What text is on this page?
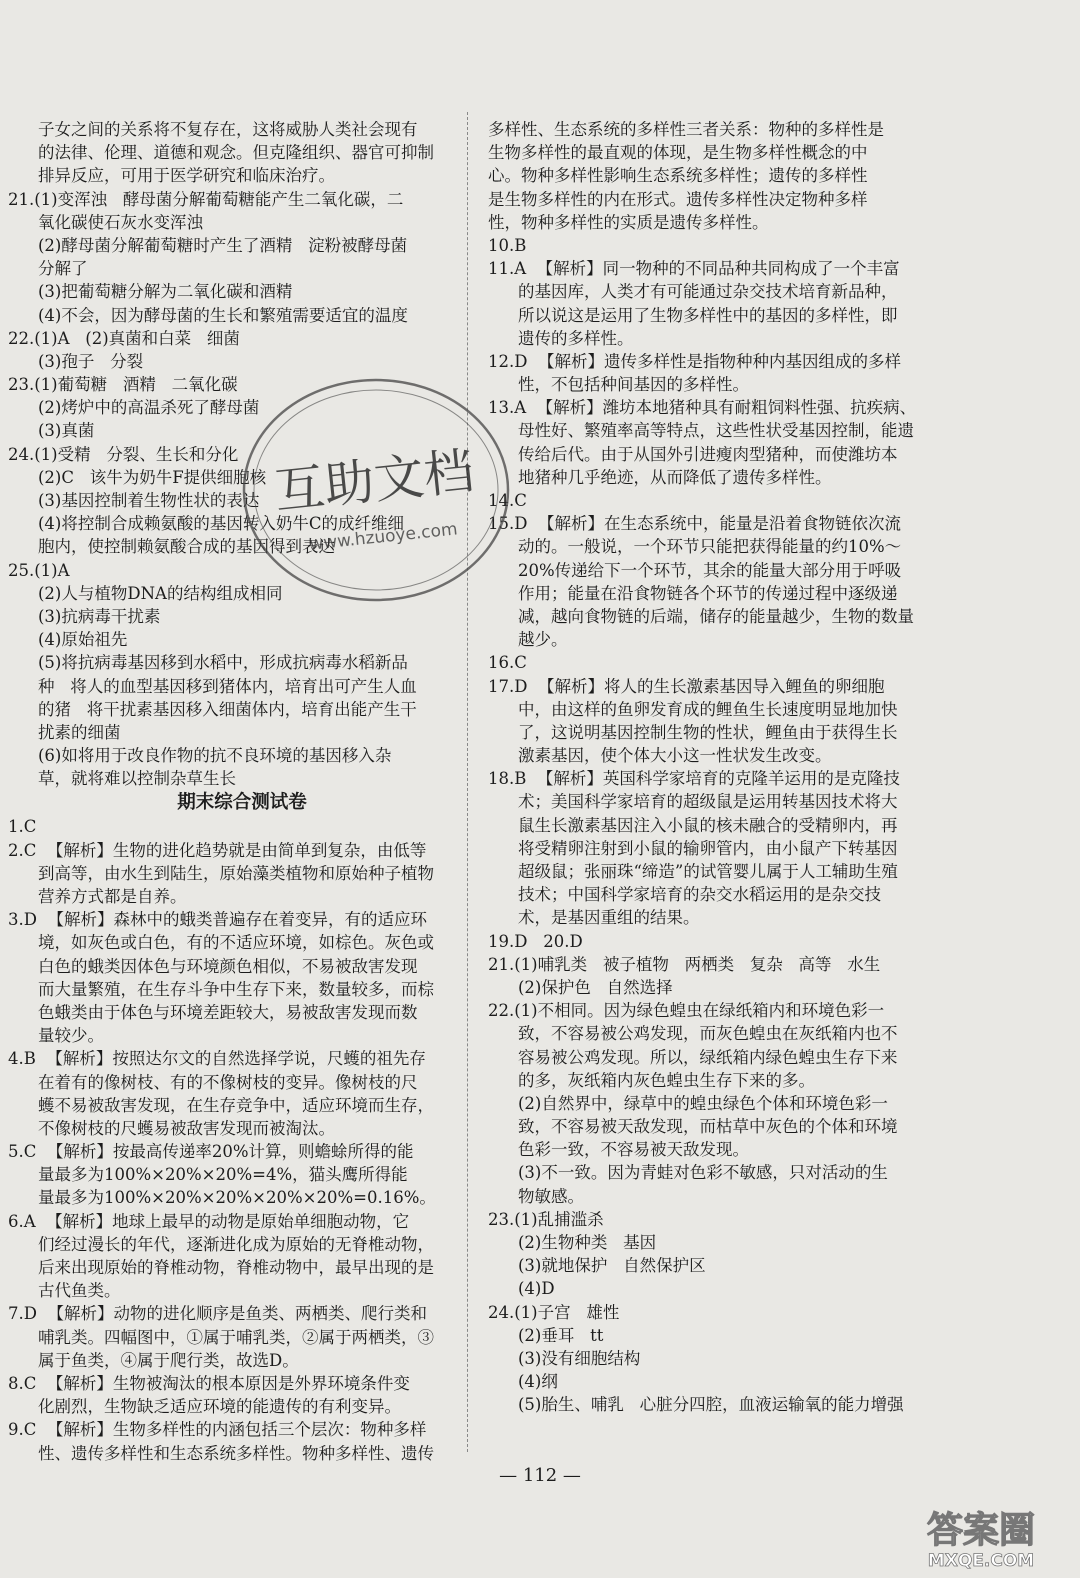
子女之间的关系将不复存在，这将威胁人类社会现有
的法律、伦理、道德和观念。但克隆组织、器官可抑制
排异反应，可用于医学研究和临床治疗。
21.(1)变浑浊   酵母菌分解葡萄糖能产生二氧化碳，二
氧化碳使石灰水变浑浊
(2)酵母菌分解葡萄糖时产生了酒精   淀粉被酵母菌
分解了
(3)把葡萄糖分解为二氧化碳和酒精
(4)不会，因为酵母菌的生长和繁殖需要适宜的温度
22.(1)A   (2)真菌和白菜   细菌
(3)孢子   分裂
23.(1)葡萄糖   酒精   二氧化碳
(2)烤炉中的高温杀死了酵母菌
(3)真菌
24.(1)受精   分裂、生长和分化
(2)C   该牛为奶牛F提供细胞核
(3)基因控制着生物性状的表达
(4)将控制合成赖氨酸的基因转入奶牛C的成纤维细
胞内，使控制赖氨酸合成的基因得到表达
25.(1)A
(2)人与植物DNA的结构组成相同
(3)抗病毒干扰素
(4)原始祖先
(5)将抗病毒基因移到水稻中，形成抗病毒水稻新品
种   将人的血型基因移到猪体内，培育出可产生人血
的猪   将干扰素基因移入细菌体内，培育出能产生干
扰素的细菌
(6)如将用于改良作物的抗不良环境的基因移入杂
草，就将难以控制杂草生长
期末综合测试卷
1.C
2.C  【解析】生物的进化趋势就是由简单到复杂，由低等
到高等，由水生到陆生，原始藻类植物和原始种子植物
营养方式都是自养。
3.D  【解析】森林中的蛾类普遍存在着变异，有的适应环
境，如灰色或白色，有的不适应环境，如棕色。灰色或
白色的蛾类因体色与环境颜色相似，不易被敌害发现
而大量繁殖，在生存斗争中生存下来，数量较多，而棕
色蛾类由于体色与环境差距较大，易被敌害发现而数
量较少。
4.B  【解析】按照达尔文的自然选择学说，尺蠖的祖先存
在着有的像树枝、有的不像树枝的变异。像树枝的尺
蠖不易被敌害发现，在生存竞争中，适应环境而生存，
不像树枝的尺蠖易被敌害发现而被淘汰。
5.C  【解析】按最高传递率20%计算，则蟾蜍所得的能
量最多为100%×20%×20%=4%，猫头鹰所得能
量最多为100%×20%×20%×20%×20%=0.16%。
6.A  【解析】地球上最早的动物是原始单细胞动物，它
们经过漫长的年代，逐渐进化成为原始的无脊椎动物，
后来出现原始的脊椎动物，脊椎动物中，最早出现的是
古代鱼类。
7.D  【解析】动物的进化顺序是鱼类、两栖类、爬行类和
哺乳类。四幅图中，①属于哺乳类，②属于两栖类，③
属于鱼类，④属于爬行类，故选D。
8.C  【解析】生物被淘汰的根本原因是外界环境条件变
化剧烈，生物缺乏适应环境的能遗传的有利变异。
9.C  【解析】生物多样性的内涵包括三个层次：物种多样
性、遗传多样性和生态系统多样性。物种多样性、遗传
多样性、生态系统的多样性三者关系：物种的多样性是
生物多样性的最直观的体现，是生物多样性概念的中
心。物种多样性影响生态系统多样性；遗传的多样性
是生物多样性的内在形式。遗传多样性决定物种多样
性，物种多样性的实质是遗传多样性。
10.B
11.A  【解析】同一物种的不同品种共同构成了一个丰富
的基因库，人类才有可能通过杂交技术培育新品种，
所以说这是运用了生物多样性中的基因的多样性，即
遗传的多样性。
12.D  【解析】遗传多样性是指物种种内基因组成的多样
性，不包括种间基因的多样性。
13.A  【解析】潍坊本地猪种具有耐粗饲料性强、抗疾病、
母性好、繁殖率高等特点，这些性状受基因控制，能遗
传给后代。由于从国外引进瘦肉型猪种，而使潍坊本
地猪种几乎绝迹，从而降低了遗传多样性。
14.C
15.D  【解析】在生态系统中，能量是沿着食物链依次流
动的。一般说，一个环节只能把获得能量的约10%～
20%传递给下一个环节，其余的能量大部分用于呼吸
作用；能量在沿食物链各个环节的传递过程中逐级递
减，越向食物链的后端，储存的能量越少，生物的数量
越少。
16.C
17.D  【解析】将人的生长激素基因导入鲤鱼的卵细胞
中，由这样的鱼卵发育成的鲤鱼生长速度明显地加快
了，这说明基因控制生物的性状，鲤鱼由于获得生长
激素基因，使个体大小这一性状发生改变。
18.B  【解析】英国科学家培育的克隆羊运用的是克隆技
术；美国科学家培育的超级鼠是运用转基因技术将大
鼠生长激素基因注入小鼠的核未融合的受精卵内，再
将受精卵注射到小鼠的输卵管内，由小鼠产下转基因
超级鼠；张丽珠“缔造”的试管婴儿属于人工辅助生殖
技术；中国科学家培育的杂交水稻运用的是杂交技
术，是基因重组的结果。
19.D   20.D
21.(1)哺乳类   被子植物   两栖类   复杂   高等   水生
(2)保护色   自然选择
22.(1)不相同。因为绿色蝗虫在绿纸箱内和环境色彩一
致，不容易被公鸡发现，而灰色蝗虫在灰纸箱内也不
容易被公鸡发现。所以，绿纸箱内绿色蝗虫生存下来
的多，灰纸箱内灰色蝗虫生存下来的多。
(2)自然界中，绿草中的蝗虫绿色个体和环境色彩一
致，不容易被天敌发现，而枯草中灰色的个体和环境
色彩一致，不容易被天敌发现。
(3)不一致。因为青蛙对色彩不敏感，只对活动的生
物敏感。
23.(1)乱捕滥杀
(2)生物种类   基因
(3)就地保护   自然保护区
(4)D
24.(1)子宫   雄性
(2)垂耳   tt
(3)没有细胞结构
(4)纲
(5)胎生、哺乳   心脏分四腔，血液运输氧的能力增强
— 112 —
互助文档
www.hzuoye.com
答案圈
MXQE.COM
